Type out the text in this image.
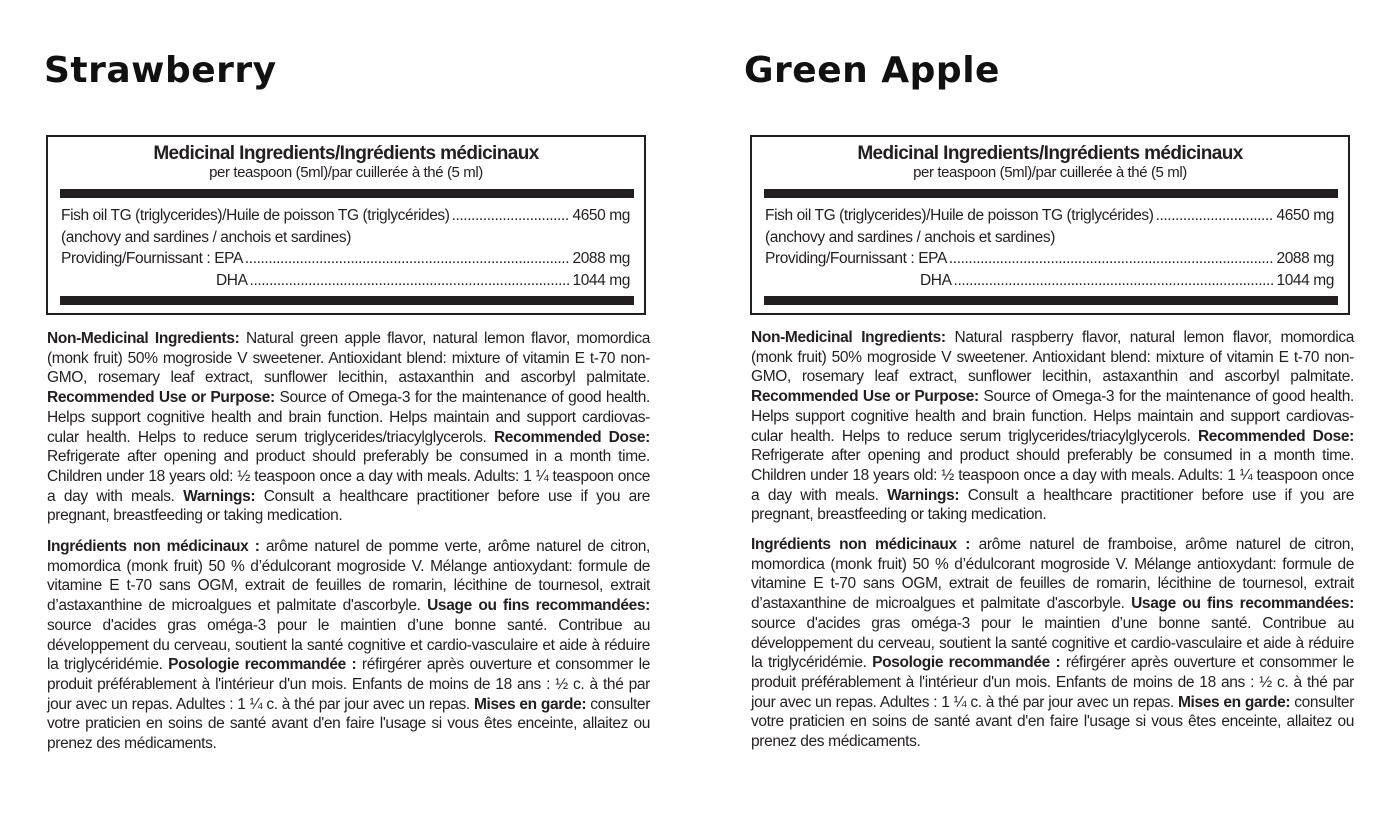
Strawberry
Medicinal Ingredients/Ingrédients médicinaux
per teaspoon (5ml)/par cuillerée à thé (5 ml)
Fish oil TG (triglycerides)/Huile de poisson TG (triglycérides) .....	4650 mg
(anchovy and sardines / anchois et sardines)
Providing/Fournissant : EPA .....	2088 mg
DHA .....	1044 mg

Non-Medicinal Ingredients: Natural green apple flavor, natural lemon flavor, momordica (monk fruit) 50% mogroside V sweetener. Antioxidant blend: mixture of vitamin E t-70 non-GMO, rosemary leaf extract, sunflower lecithin, astaxanthin and ascorbyl palmitate. Recommended Use or Purpose: Source of Omega-3 for the maintenance of good health. Helps support cognitive health and brain function. Helps maintain and support cardiovas-cular health. Helps to reduce serum triglycerides/triacylglycerols. Recommended Dose: Refrigerate after opening and product should preferably be consumed in a month time. Children under 18 years old: ½ teaspoon once a day with meals. Adults: 1 ¼ teaspoon once a day with meals. Warnings: Consult a healthcare practitioner before use if you are pregnant, breastfeeding or taking medication.

Ingrédients non médicinaux : arôme naturel de pomme verte, arôme naturel de citron, momordica (monk fruit) 50 % d’édulcorant mogroside V. Mélange antioxydant: formule de vitamine E t-70 sans OGM, extrait de feuilles de romarin, lécithine de tournesol, extrait d’astaxanthine de microalgues et palmitate d'ascorbyle. Usage ou fins recommandées: source d'acides gras oméga-3 pour le maintien d’une bonne santé. Contribue au développement du cerveau, soutient la santé cognitive et cardio-vasculaire et aide à réduire la triglycéridémie. Posologie recommandée : réfirgérer après ouverture et consommer le produit préférablement à l'intérieur d'un mois. Enfants de moins de 18 ans : ½ c. à thé par jour avec un repas. Adultes : 1 ¼ c. à thé par jour avec un repas. Mises en garde: consulter votre praticien en soins de santé avant d'en faire l'usage si vous êtes enceinte, allaitez ou prenez des médicaments.

Green Apple
Medicinal Ingredients/Ingrédients médicinaux
per teaspoon (5ml)/par cuillerée à thé (5 ml)
Fish oil TG (triglycerides)/Huile de poisson TG (triglycérides) .....	4650 mg
(anchovy and sardines / anchois et sardines)
Providing/Fournissant : EPA .....	2088 mg
DHA .....	1044 mg

Non-Medicinal Ingredients: Natural raspberry flavor, natural lemon flavor, momordica (monk fruit) 50% mogroside V sweetener. Antioxidant blend: mixture of vitamin E t-70 non-GMO, rosemary leaf extract, sunflower lecithin, astaxanthin and ascorbyl palmitate. Recommended Use or Purpose: Source of Omega-3 for the maintenance of good health. Helps support cognitive health and brain function. Helps maintain and support cardiovas-cular health. Helps to reduce serum triglycerides/triacylglycerols. Recommended Dose: Refrigerate after opening and product should preferably be consumed in a month time. Children under 18 years old: ½ teaspoon once a day with meals. Adults: 1 ¼ teaspoon once a day with meals. Warnings: Consult a healthcare practitioner before use if you are pregnant, breastfeeding or taking medication.

Ingrédients non médicinaux : arôme naturel de framboise, arôme naturel de citron, momordica (monk fruit) 50 % d’édulcorant mogroside V. Mélange antioxydant: formule de vitamine E t-70 sans OGM, extrait de feuilles de romarin, lécithine de tournesol, extrait d’astaxanthine de microalgues et palmitate d'ascorbyle. Usage ou fins recommandées: source d'acides gras oméga-3 pour le maintien d’une bonne santé. Contribue au développement du cerveau, soutient la santé cognitive et cardio-vasculaire et aide à réduire la triglycéridémie. Posologie recommandée : réfirgérer après ouverture et consommer le produit préférablement à l'intérieur d'un mois. Enfants de moins de 18 ans : ½ c. à thé par jour avec un repas. Adultes : 1 ¼ c. à thé par jour avec un repas. Mises en garde: consulter votre praticien en soins de santé avant d'en faire l'usage si vous êtes enceinte, allaitez ou prenez des médicaments.
